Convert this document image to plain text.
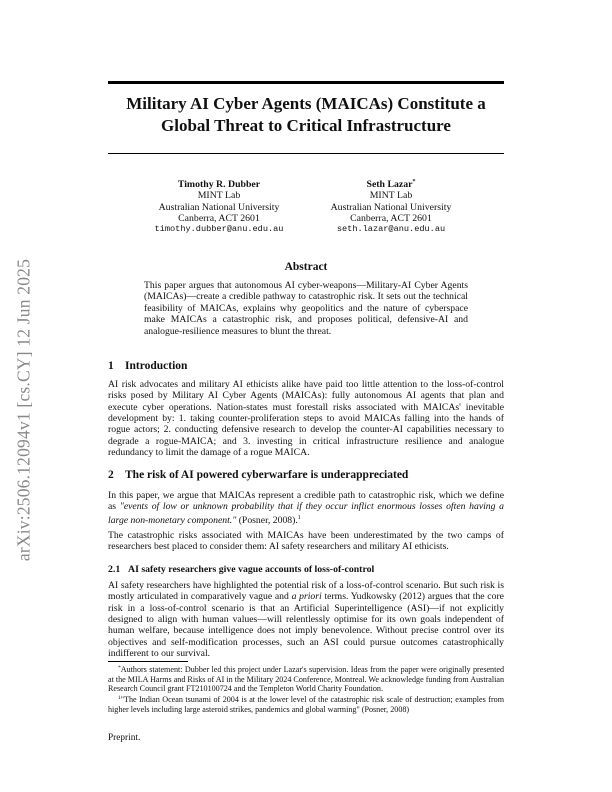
arXiv:2506.12094v1 [cs.CY] 12 Jun 2025
Military AI Cyber Agents (MAICAs) Constitute a
Global Threat to Critical Infrastructure
Timothy R. Dubber
MINT Lab
Australian National University
Canberra, ACT 2601
timothy.dubber@anu.edu.au
Seth Lazar*
MINT Lab
Australian National University
Canberra, ACT 2601
seth.lazar@anu.edu.au
Abstract

This paper argues that autonomous AI cyber-weapons—Military-AI Cyber Agents (MAICAs)—create a credible pathway to catastrophic risk. It sets out the technical feasibility of MAICAs, explains why geopolitics and the nature of cyberspace make MAICAs a catastrophic risk, and proposes political, defensive-AI and analogue-resilience measures to blunt the threat.

1 Introduction

AI risk advocates and military AI ethicists alike have paid too little attention to the loss-of-control risks posed by Military AI Cyber Agents (MAICAs): fully autonomous AI agents that plan and execute cyber operations. Nation-states must forestall risks associated with MAICAs' inevitable development by: 1. taking counter-proliferation steps to avoid MAICAs falling into the hands of rogue actors; 2. conducting defensive research to develop the counter-AI capabilities necessary to degrade a rogue-MAICA; and 3. investing in critical infrastructure resilience and analogue redundancy to limit the damage of a rogue MAICA.

2 The risk of AI powered cyberwarfare is underappreciated

In this paper, we argue that MAICAs represent a credible path to catastrophic risk, which we define as "events of low or unknown probability that if they occur inflict enormous losses often having a large non-monetary component." (Posner, 2008).$^1$

The catastrophic risks associated with MAICAs have been underestimated by the two camps of researchers best placed to consider them: AI safety researchers and military AI ethicists.

2.1 AI safety researchers give vague accounts of loss-of-control

AI safety researchers have highlighted the potential risk of a loss-of-control scenario. But such risk is mostly articulated in comparatively vague and a priori terms. Yudkowsky (2012) argues that the core risk in a loss-of-control scenario is that an Artificial Superintelligence (ASI)—if not explicitly designed to align with human values—will relentlessly optimise for its own goals independent of human welfare, because intelligence does not imply benevolence. Without precise control over its objectives and self-modification processes, such an ASI could pursue outcomes catastrophically indifferent to our survival.

*Authors statement: Dubber led this project under Lazar's supervision. Ideas from the paper were originally presented at the MILA Harms and Risks of AI in the Military 2024 Conference, Montreal. We acknowledge funding from Australian Research Council grant FT210100724 and the Templeton World Charity Foundation.

$^1$"The Indian Ocean tsunami of 2004 is at the lower level of the catastrophic risk scale of destruction; examples from higher levels including large asteroid strikes, pandemics and global warming" (Posner, 2008)

Preprint.
